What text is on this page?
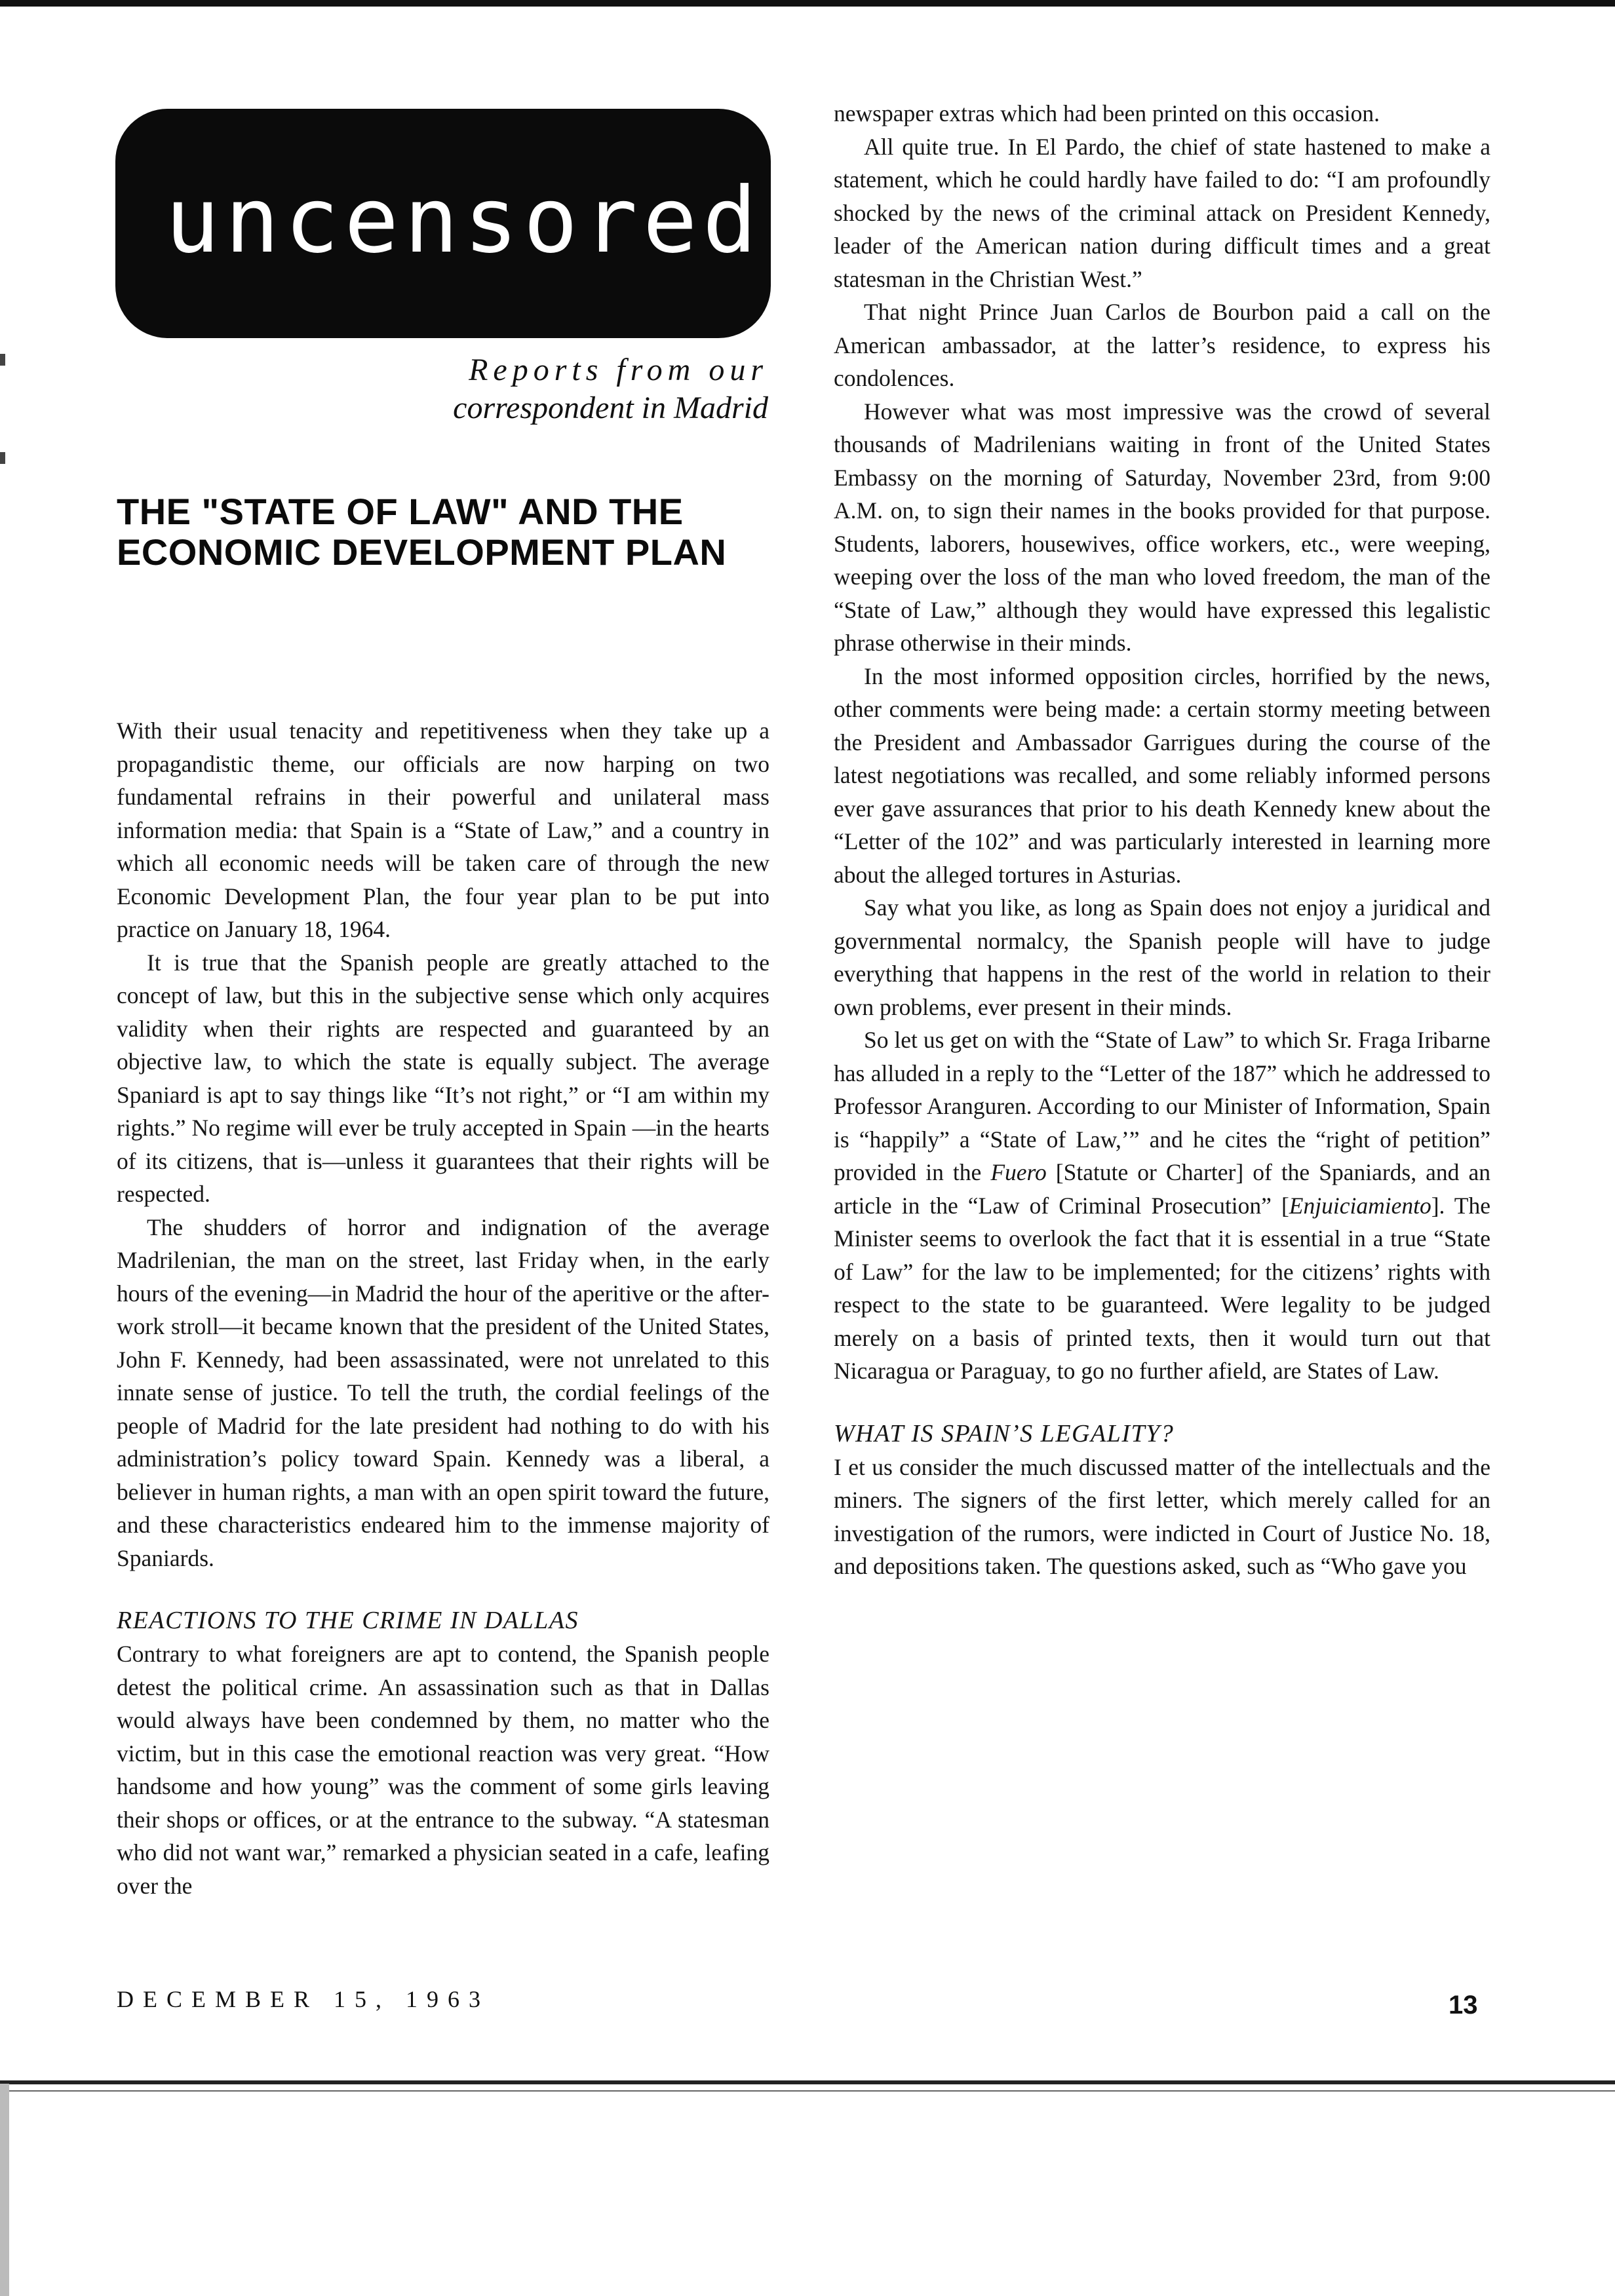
uncensored
Reports from our
correspondent in Madrid
THE "STATE OF LAW" AND THE
ECONOMIC DEVELOPMENT PLAN

With their usual tenacity and repetitiveness when they take up a propagandistic theme, our officials are now harping on two fundamental refrains in their powerful and unilateral mass information media: that Spain is a “State of Law,” and a country in which all economic needs will be taken care of through the new Economic Development Plan, the four year plan to be put into practice on January 18, 1964.

It is true that the Spanish people are greatly attached to the concept of law, but this in the subjective sense which only acquires validity when their rights are respected and guaranteed by an objective law, to which the state is equally subject. The average Spaniard is apt to say things like “It’s not right,” or “I am within my rights.” No regime will ever be truly accepted in Spain —in the hearts of its citizens, that is—unless it guarantees that their rights will be respected.

The shudders of horror and indignation of the average Madrilenian, the man on the street, last Friday when, in the early hours of the evening—in Madrid the hour of the aperitive or the after-work stroll—it became known that the president of the United States, John F. Kennedy, had been assassinated, were not unrelated to this innate sense of justice. To tell the truth, the cordial feelings of the people of Madrid for the late president had nothing to do with his administration’s policy toward Spain. Kennedy was a liberal, a believer in human rights, a man with an open spirit toward the future, and these characteristics endeared him to the immense majority of Spaniards.

REACTIONS TO THE CRIME IN DALLAS

Contrary to what foreigners are apt to contend, the Spanish people detest the political crime. An assassination such as that in Dallas would always have been condemned by them, no matter who the victim, but in this case the emotional reaction was very great. “How handsome and how young” was the comment of some girls leaving their shops or offices, or at the entrance to the subway. “A statesman who did not want war,” remarked a physician seated in a cafe, leafing over the

newspaper extras which had been printed on this occasion.

All quite true. In El Pardo, the chief of state hastened to make a statement, which he could hardly have failed to do: “I am profoundly shocked by the news of the criminal attack on President Kennedy, leader of the American nation during difficult times and a great statesman in the Christian West.”

That night Prince Juan Carlos de Bourbon paid a call on the American ambassador, at the latter’s residence, to express his condolences.

However what was most impressive was the crowd of several thousands of Madrilenians waiting in front of the United States Embassy on the morning of Saturday, November 23rd, from 9:00 A.M. on, to sign their names in the books provided for that purpose. Students, laborers, housewives, office workers, etc., were weeping, weeping over the loss of the man who loved freedom, the man of the “State of Law,” although they would have expressed this legalistic phrase otherwise in their minds.

In the most informed opposition circles, horrified by the news, other comments were being made: a certain stormy meeting between the President and Ambassador Garrigues during the course of the latest negotiations was recalled, and some reliably informed persons ever gave assurances that prior to his death Kennedy knew about the “Letter of the 102” and was particularly interested in learning more about the alleged tortures in Asturias.

Say what you like, as long as Spain does not enjoy a juridical and governmental normalcy, the Spanish people will have to judge everything that happens in the rest of the world in relation to their own problems, ever present in their minds.

So let us get on with the “State of Law” to which Sr. Fraga Iribarne has alluded in a reply to the “Letter of the 187” which he addressed to Professor Aranguren. According to our Minister of Information, Spain is “happily” a “State of Law,’” and he cites the “right of petition” provided in the Fuero [Statute or Charter] of the Spaniards, and an article in the “Law of Criminal Prosecution” [Enjuiciamiento]. The Minister seems to overlook the fact that it is essential in a true “State of Law” for the law to be implemented; for the citizens’ rights with respect to the state to be guaranteed. Were legality to be judged merely on a basis of printed texts, then it would turn out that Nicaragua or Paraguay, to go no further afield, are States of Law.

WHAT IS SPAIN’S LEGALITY?

I et us consider the much discussed matter of the intellectuals and the miners. The signers of the first letter, which merely called for an investigation of the rumors, were indicted in Court of Justice No. 18, and depositions taken. The questions asked, such as “Who gave you

DECEMBER 15, 1963	13
